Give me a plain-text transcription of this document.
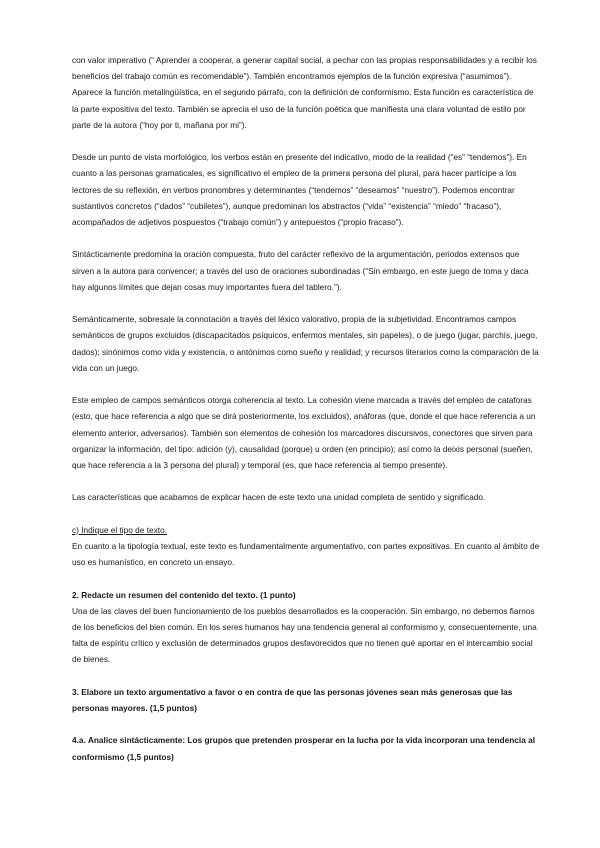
con valor imperativo (“ Aprender a cooperar, a generar capital social, a pechar con las propias responsabilidades y a recibir los beneficios del trabajo común es recomendable”). También encontramos ejemplos de la función expresiva (“asumimos”). Aparece la función metalingüística, en el segundo párrafo, con la definición de conformismo. Esta función es característica de la parte expositiva del texto. También se aprecia el uso de la función poética que manifiesta una clara voluntad de estilo por parte de la autora (“hoy por ti, mañana por mi”).

Desde un punto de vista morfológico, los verbos están en presente del indicativo, modo de la realidad (“es” “tendemos”). En cuanto a las personas gramaticales, es significativo el empleo de la primera persona del plural, para hacer partícipe a los lectores de su reflexión, en verbos pronombres y determinantes (“tendemos” “deseamos” “nuestro”). Podemos encontrar sustantivos concretos (“dados” “cubiletes”), aunque predominan los abstractos (“vida” “existencia” “miedo” “fracaso”), acompañados de adjetivos pospuestos (“trabajo común”) y antepuestos (“propio fracaso”).

Sintácticamente predomina la oración compuesta, fruto del carácter reflexivo de la argumentación, periodos extensos que sirven a la autora para convencer; a través del uso de oraciones subordinadas (“Sin embargo, en este juego de toma y daca hay algunos límites que dejan cosas muy importantes fuera del tablero.”).

Semánticamente, sobresale la connotación a través del léxico valorativo, propia de la subjetividad. Encontramos campos semánticos de grupos excluidos (discapacitados psíquicos, enfermos mentales, sin papeles), o de juego (jugar, parchís, juego, dados); sinónimos como vida y existencia, o antónimos como sueño y realidad; y recursos literarios como la comparación de la vida con un juego.

Este empleo de campos semánticos otorga coherencia al texto. La cohesión viene marcada a través del empleo de cataforas (esto, que hace referencia a algo que se dirá posteriormente, los excluidos), anáforas (que, donde el que hace referencia a un elemento anterior, adversarios). También son elementos de cohesión los marcadores discursivos, conectores que sirven para organizar la información, del tipo: adición (y), causalidad (porque) u orden (en principio); así como la deixis personal (sueñen, que hace referencia a la 3 persona del plural) y temporal (es, que hace referencia al tiempo presente).

Las características que acabamos de explicar hacen de este texto una unidad completa de sentido y significado.

c) Indique el tipo de texto.

En cuanto a la tipología textual, este texto es fundamentalmente argumentativo, con partes expositivas. En cuanto al ámbito de uso es humanístico, en concreto un ensayo.

2. Redacte un resumen del contenido del texto. (1 punto)

Una de las claves del buen funcionamiento de los pueblos desarrollados es la cooperación. Sin embargo, no debemos fiarnos de los beneficios del bien común. En los seres humanos hay una tendencia general al conformismo y, consecuentemente, una falta de espíritu crítico y exclusión de determinados grupos desfavorecidos que no tienen qué aportar en el intercambio social de bienes.

3. Elabore un texto argumentativo a favor o en contra de que las personas jóvenes sean más generosas que las personas mayores. (1,5 puntos)

4.a. Analice sintácticamente: Los grupos que pretenden prosperar en la lucha por la vida incorporan una tendencia al conformismo (1,5 puntos)
